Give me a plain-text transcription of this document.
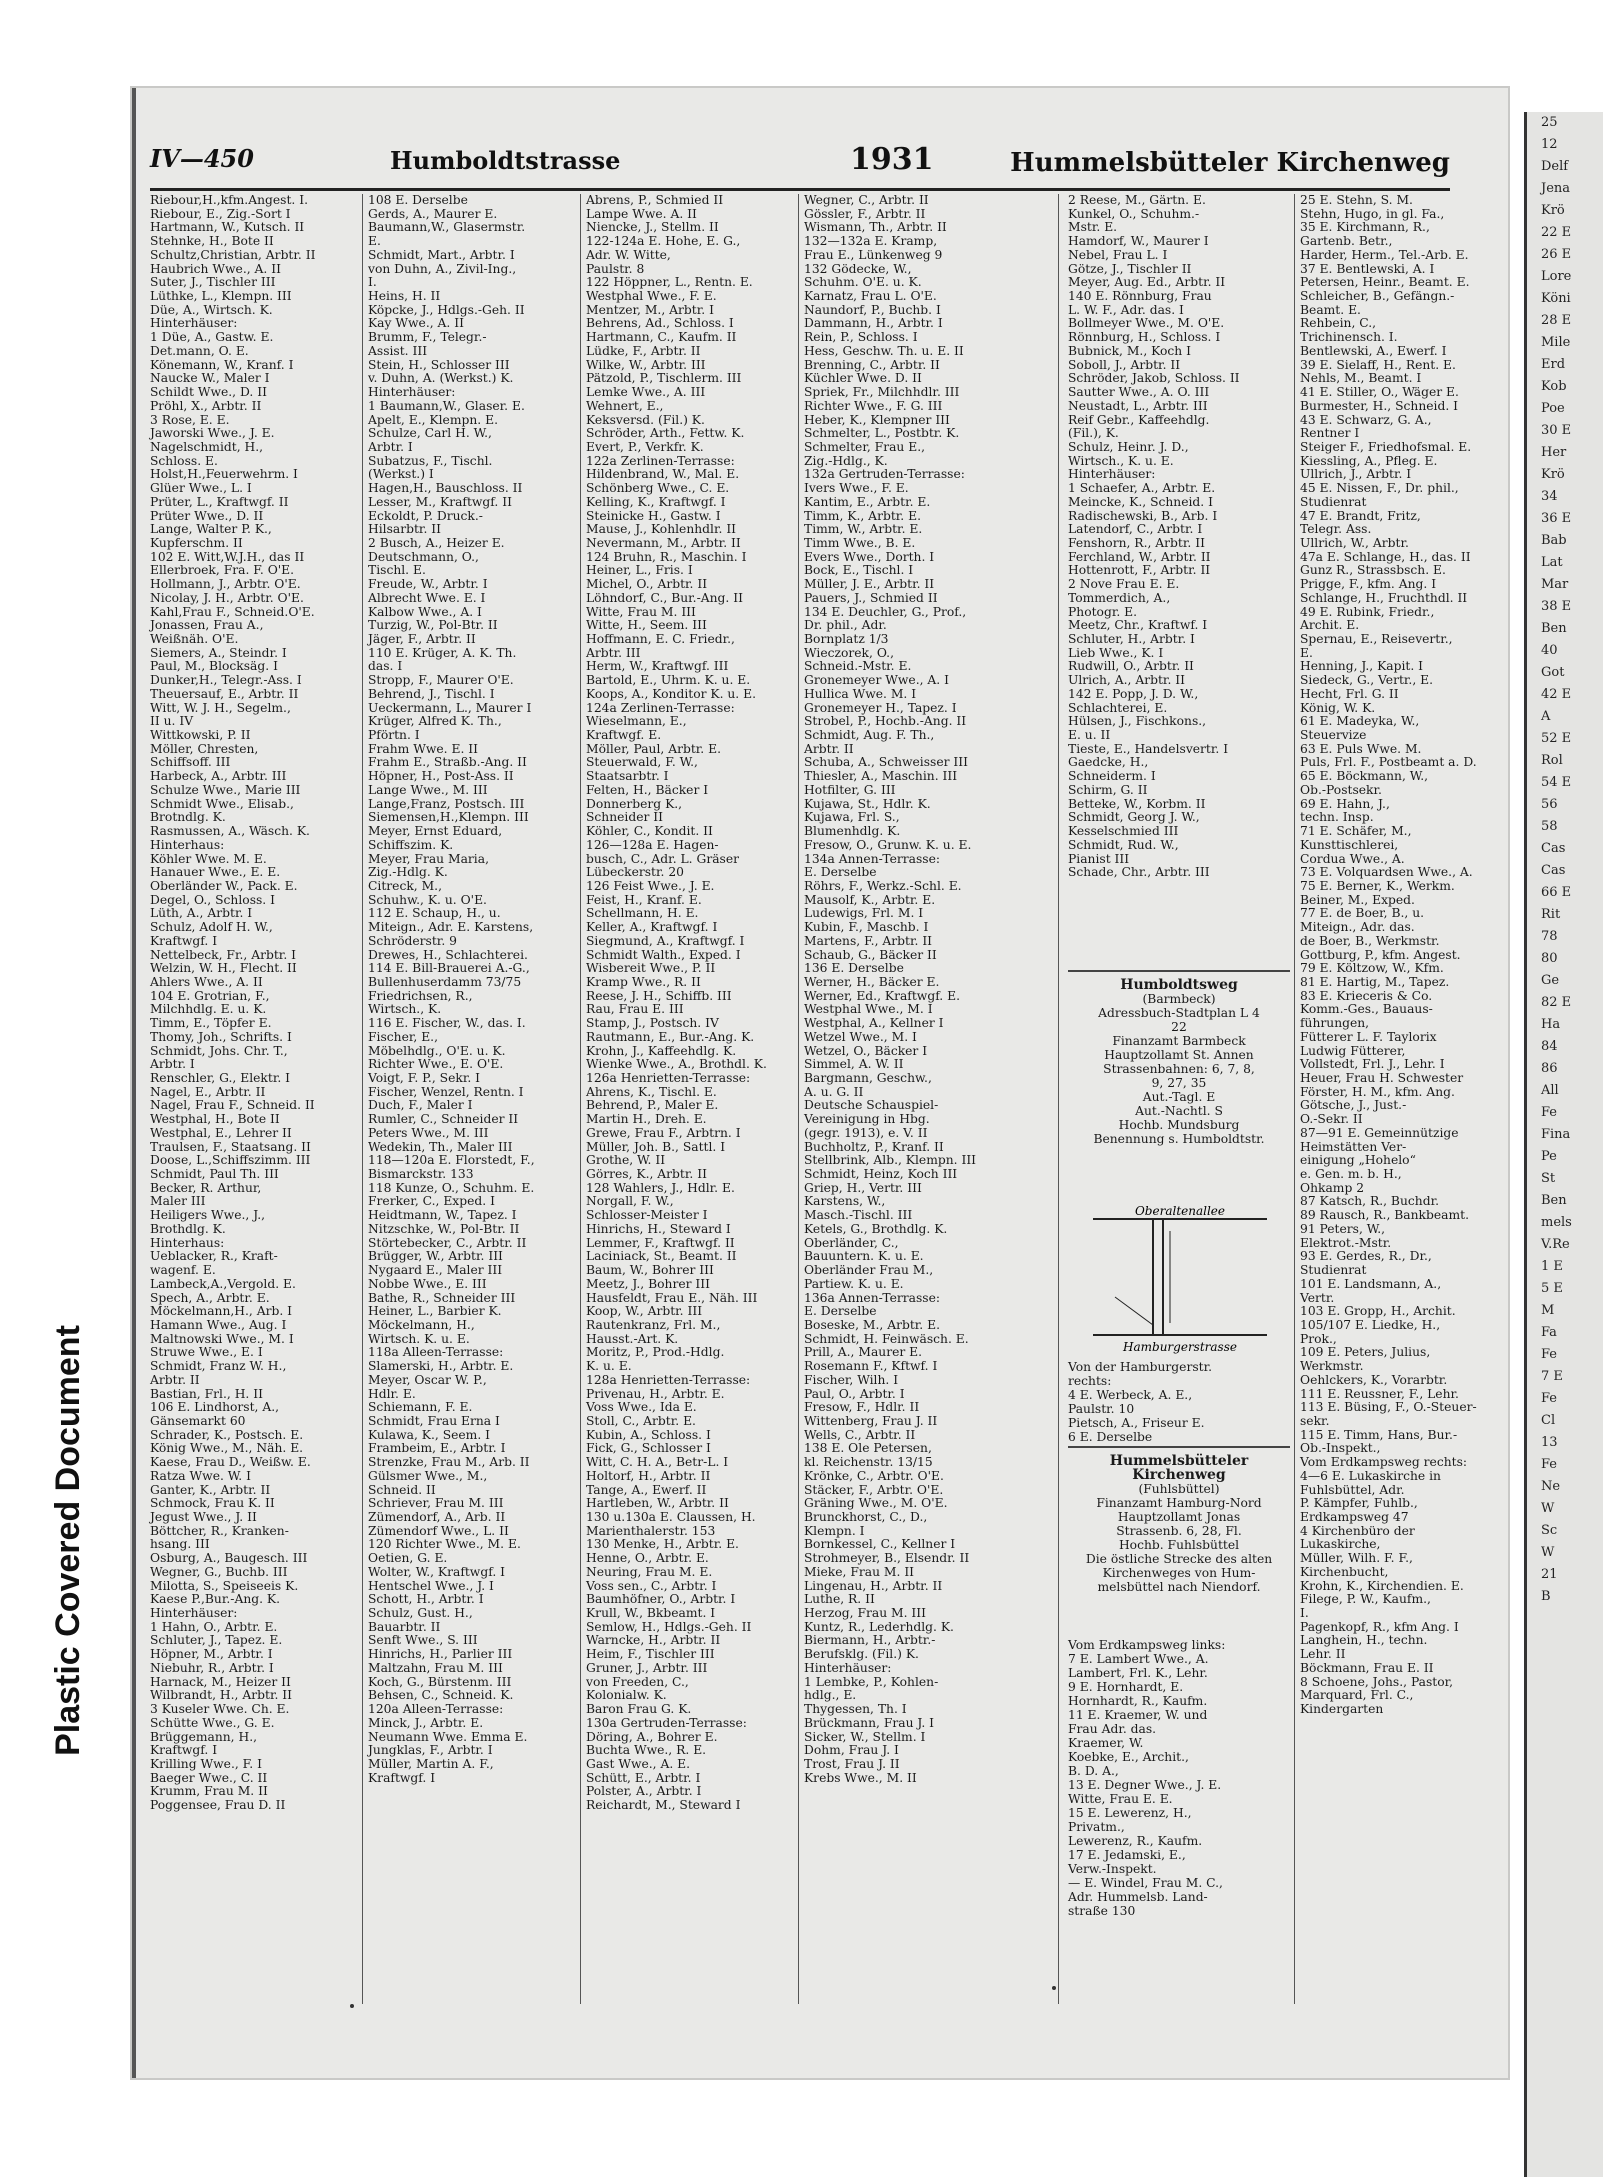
Plastic Covered Document
25
12
Delf
Jena
Krö
22 E
26 E
Lore
Köni
28 E
Mile
Erd
Kob
Poe
30 E
Her
Krö
34
36 E
Bab
Lat
Mar
38 E
Ben
40
Got
42 E
A
52 E
Rol
54 E
56
58
Cas
Cas
66 E
Rit
78
80
Ge
82 E
Ha
84
86
All
Fe
Fina
Pe
St
Ben
mels
V.Re
1 E
5 E
M
Fa
Fe
7 E
Fe
Cl
13
Fe
Ne
W
Sc
W
21
B
IV—450	Humboldtstrasse	1931	Hummelsbütteler Kirchenweg
Riebour,H.,kfm.Angest. I.
Riebour, E., Zig.-Sort I
Hartmann, W., Kutsch. II
Stehnke, H., Bote II
Schultz,Christian, Arbtr. II
Haubrich Wwe., A. II
Suter, J., Tischler III
Lüthke, L., Klempn. III
Düe, A., Wirtsch. K.
Hinterhäuser:
1 Düe, A., Gastw. E.
Det.mann, O. E.
Könemann, W., Kranf. I
Naucke W., Maler I
Schildt Wwe., D. II
Pröhl, X., Arbtr. II
3 Rose, E. E.
Jaworski Wwe., J. E.
Nagelschmidt, H.,
Schloss. E.
Holst,H.,Feuerwehrm. I
Glüer Wwe., L. I
Prüter, L., Kraftwgf. II
Prüter Wwe., D. II
Lange, Walter P. K.,
Kupferschm. II
102 E. Witt,W.J.H., das II
Ellerbroek, Fra. F. O'E.
Hollmann, J., Arbtr. O'E.
Nicolay, J. H., Arbtr. O'E.
Kahl,Frau F., Schneid.O'E.
Jonassen, Frau A.,
Weißnäh. O'E.
Siemers, A., Steindr. I
Paul, M., Blocksäg. I
Dunker,H., Telegr.-Ass. I
Theuersauf, E., Arbtr. II
Witt, W. J. H., Segelm.,
II u. IV
Wittkowski, P. II
Möller, Chresten,
Schiffsoff. III
Harbeck, A., Arbtr. III
Schulze Wwe., Marie III
Schmidt Wwe., Elisab.,
Brotndlg. K.
Rasmussen, A., Wäsch. K.
Hinterhaus:
Köhler Wwe. M. E.
Hanauer Wwe., E. E.
Oberländer W., Pack. E.
Degel, O., Schloss. I
Lüth, A., Arbtr. I
Schulz, Adolf H. W.,
Kraftwgf. I
Nettelbeck, Fr., Arbtr. I
Welzin, W. H., Flecht. II
Ahlers Wwe., A. II
104 E. Grotrian, F.,
Milchhdlg. E. u. K.
Timm, E., Töpfer E.
Thomy, Joh., Schrifts. I
Schmidt, Johs. Chr. T.,
Arbtr. I
Renschler, G., Elektr. I
Nagel, E., Arbtr. II
Nagel, Frau F., Schneid. II
Westphal, H., Bote II
Westphal, E., Lehrer II
Traulsen, F., Staatsang. II
Doose, L.,Schiffszimm. III
Schmidt, Paul Th. III
Becker, R. Arthur,
Maler III
Heiligers Wwe., J.,
Brothdlg. K.
Hinterhaus:
Ueblacker, R., Kraft-
wagenf. E.
Lambeck,A.,Vergold. E.
Spech, A., Arbtr. E.
Möckelmann,H., Arb. I
Hamann Wwe., Aug. I
Maltnowski Wwe., M. I
Struwe Wwe., E. I
Schmidt, Franz W. H.,
Arbtr. II
Bastian, Frl., H. II
106 E. Lindhorst, A.,
Gänsemarkt 60
Schrader, K., Postsch. E.
König Wwe., M., Näh. E.
Kaese, Frau D., Weißw. E.
Ratza Wwe. W. I
Ganter, K., Arbtr. II
Schmock, Frau K. II
Jegust Wwe., J. II
Böttcher, R., Kranken-
hsang. III
Osburg, A., Baugesch. III
Wegner, G., Buchb. III
Milotta, S., Speiseeis K.
Kaese P.,Bur.-Ang. K.
Hinterhäuser:
1 Hahn, O., Arbtr. E.
Schluter, J., Tapez. E.
Höpner, M., Arbtr. I
Niebuhr, R., Arbtr. I
Harnack, M., Heizer II
Wilbrandt, H., Arbtr. II
3 Kuseler Wwe. Ch. E.
Schütte Wwe., G. E.
Brüggemann, H.,
Kraftwgf. I
Krilling Wwe., F. I
Baeger Wwe., C. II
Krumm, Frau M. II
Poggensee, Frau D. II
108 E. Derselbe
Gerds, A., Maurer E.
Baumann,W., Glasermstr.
E.
Schmidt, Mart., Arbtr. I
von Duhn, A., Zivil-Ing.,
I.
Heins, H. II
Köpcke, J., Hdlgs.-Geh. II
Kay Wwe., A. II
Brumm, F., Telegr.-
Assist. III
Stein, H., Schlosser III
v. Duhn, A. (Werkst.) K.
Hinterhäuser:
1 Baumann,W., Glaser. E.
Apelt, E., Klempn. E.
Schulze, Carl H. W.,
Arbtr. I
Subatzus, F., Tischl.
(Werkst.) I
Hagen,H., Bauschloss. II
Lesser, M., Kraftwgf. II
Eckoldt, P. Druck.-
Hilsarbtr. II
2 Busch, A., Heizer E.
Deutschmann, O.,
Tischl. E.
Freude, W., Arbtr. I
Albrecht Wwe. E. I
Kalbow Wwe., A. I
Turzig, W., Pol-Btr. II
Jäger, F., Arbtr. II
110 E. Krüger, A. K. Th.
das. I
Stropp, F., Maurer O'E.
Behrend, J., Tischl. I
Ueckermann, L., Maurer I
Krüger, Alfred K. Th.,
Pförtn. I
Frahm Wwe. E. II
Frahm E., Straßb.-Ang. II
Höpner, H., Post-Ass. II
Lange Wwe., M. III
Lange,Franz, Postsch. III
Siemensen,H.,Klempn. III
Meyer, Ernst Eduard,
Schiffszim. K.
Meyer, Frau Maria,
Zig.-Hdlg. K.
Citreck, M.,
Schuhw., K. u. O'E.
112 E. Schaup, H., u.
Miteign., Adr. E. Karstens,
Schröderstr. 9
Drewes, H., Schlachterei.
114 E. Bill-Brauerei A.-G.,
Bullenhuserdamm 73/75
Friedrichsen, R.,
Wirtsch., K.
116 E. Fischer, W., das. I.
Fischer, E.,
Möbelhdlg., O'E. u. K.
Richter Wwe., E. O'E.
Voigt, F. P., Sekr. I
Fischer, Wenzel, Rentn. I
Duch, F., Maler I
Rumler, C., Schneider II
Peters Wwe., M. III
Wedekin, Th., Maler III
118—120a E. Florstedt, F.,
Bismarckstr. 133
118 Kunze, O., Schuhm. E.
Frerker, C., Exped. I
Heidtmann, W., Tapez. I
Nitzschke, W., Pol-Btr. II
Störtebecker, C., Arbtr. II
Brügger, W., Arbtr. III
Nygaard E., Maler III
Nobbe Wwe., E. III
Bathe, R., Schneider III
Heiner, L., Barbier K.
Möckelmann, H.,
Wirtsch. K. u. E.
118a Alleen-Terrasse:
Slamerski, H., Arbtr. E.
Meyer, Oscar W. P.,
Hdlr. E.
Schiemann, F. E.
Schmidt, Frau Erna I
Kulawa, K., Seem. I
Frambeim, E., Arbtr. I
Strenzke, Frau M., Arb. II
Gülsmer Wwe., M.,
Schneid. II
Schriever, Frau M. III
Zümendorf, A., Arb. II
Zümendorf Wwe., L. II
120 Richter Wwe., M. E.
Oetien, G. E.
Wolter, W., Kraftwgf. I
Hentschel Wwe., J. I
Schott, H., Arbtr. I
Schulz, Gust. H.,
Bauarbtr. II
Senft Wwe., S. III
Hinrichs, H., Parlier III
Maltzahn, Frau M. III
Koch, G., Bürstenm. III
Behsen, C., Schneid. K.
120a Alleen-Terrasse:
Minck, J., Arbtr. E.
Neumann Wwe. Emma E.
Jungklas, F., Arbtr. I
Müller, Martin A. F.,
Kraftwgf. I
Abrens, P., Schmied II
Lampe Wwe. A. II
Niencke, J., Stellm. II
122-124a E. Hohe, E. G.,
Adr. W. Witte,
Paulstr. 8
122 Höppner, L., Rentn. E.
Westphal Wwe., F. E.
Mentzer, M., Arbtr. I
Behrens, Ad., Schloss. I
Hartmann, C., Kaufm. II
Lüdke, F., Arbtr. II
Wilke, W., Arbtr. III
Pätzold, P., Tischlerm. III
Lemke Wwe., A. III
Wehnert, E.,
Keksversd. (Fil.) K.
Schröder, Arth., Fettw. K.
Evert, P., Verkfr. K.
122a Zerlinen-Terrasse:
Hildenbrand, W., Mal. E.
Schönberg Wwe., C. E.
Kelling, K., Kraftwgf. I
Steinicke H., Gastw. I
Mause, J., Kohlenhdlr. II
Nevermann, M., Arbtr. II
124 Bruhn, R., Maschin. I
Heiner, L., Fris. I
Michel, O., Arbtr. II
Löhndorf, C., Bur.-Ang. II
Witte, Frau M. III
Witte, H., Seem. III
Hoffmann, E. C. Friedr.,
Arbtr. III
Herm, W., Kraftwgf. III
Bartold, E., Uhrm. K. u. E.
Koops, A., Konditor K. u. E.
124a Zerlinen-Terrasse:
Wieselmann, E.,
Kraftwgf. E.
Möller, Paul, Arbtr. E.
Steuerwald, F. W.,
Staatsarbtr. I
Felten, H., Bäcker I
Donnerberg K.,
Schneider II
Köhler, C., Kondit. II
126—128a E. Hagen-
busch, C., Adr. L. Gräser
Lübeckerstr. 20
126 Feist Wwe., J. E.
Feist, H., Kranf. E.
Schellmann, H. E.
Keller, A., Kraftwgf. I
Siegmund, A., Kraftwgf. I
Schmidt Walth., Exped. I
Wisbereit Wwe., P. II
Kramp Wwe., R. II
Reese, J. H., Schiffb. III
Rau, Frau E. III
Stamp, J., Postsch. IV
Rautmann, E., Bur.-Ang. K.
Krohn, J., Kaffeehdlg. K.
Wienke Wwe., A., Brothdl. K.
126a Henrietten-Terrasse:
Ahrens, K., Tischl. E.
Behrend, P., Maler E.
Martin H., Dreh. E.
Grewe, Frau F., Arbtrn. I
Müller, Joh. B., Sattl. I
Grothe, W. II
Görres, K., Arbtr. II
128 Wahlers, J., Hdlr. E.
Norgall, F. W.,
Schlosser-Meister I
Hinrichs, H., Steward I
Lemmer, F., Kraftwgf. II
Laciniack, St., Beamt. II
Baum, W., Bohrer III
Meetz, J., Bohrer III
Hausfeldt, Frau E., Näh. III
Koop, W., Arbtr. III
Rautenkranz, Frl. M.,
Hausst.-Art. K.
Moritz, P., Prod.-Hdlg.
K. u. E.
128a Henrietten-Terrasse:
Privenau, H., Arbtr. E.
Voss Wwe., Ida E.
Stoll, C., Arbtr. E.
Kubin, A., Schloss. I
Fick, G., Schlosser I
Witt, C. H. A., Betr-L. I
Holtorf, H., Arbtr. II
Tange, A., Ewerf. II
Hartleben, W., Arbtr. II
130 u.130a E. Claussen, H.
Marienthalerstr. 153
130 Menke, H., Arbtr. E.
Henne, O., Arbtr. E.
Neuring, Frau M. E.
Voss sen., C., Arbtr. I
Baumhöfner, O., Arbtr. I
Krull, W., Bkbeamt. I
Semlow, H., Hdlgs.-Geh. II
Warncke, H., Arbtr. II
Heim, F., Tischler III
Gruner, J., Arbtr. III
von Freeden, C.,
Kolonialw. K.
Baron Frau G. K.
130a Gertruden-Terrasse:
Döring, A., Bohrer E.
Buchta Wwe., R. E.
Gast Wwe., A. E.
Schütt, E., Arbtr. I
Polster, A., Arbtr. I
Reichardt, M., Steward I
Wegner, C., Arbtr. II
Gössler, F., Arbtr. II
Wismann, Th., Arbtr. II
132—132a E. Kramp,
Frau E., Lünkenweg 9
132 Gödecke, W.,
Schuhm. O'E. u. K.
Karnatz, Frau L. O'E.
Naundorf, P., Buchb. I
Dammann, H., Arbtr. I
Rein, P., Schloss. I
Hess, Geschw. Th. u. E. II
Brenning, C., Arbtr. II
Küchler Wwe. D. II
Spriek, Fr., Milchhdlr. III
Richter Wwe., F. G. III
Heber, K., Klempner III
Schmelter, L., Postbtr. K.
Schmelter, Frau E.,
Zig.-Hdlg., K.
132a Gertruden-Terrasse:
Ivers Wwe., F. E.
Kantim, E., Arbtr. E.
Timm, K., Arbtr. E.
Timm, W., Arbtr. E.
Timm Wwe., B. E.
Evers Wwe., Dorth. I
Bock, E., Tischl. I
Müller, J. E., Arbtr. II
Pauers, J., Schmied II
134 E. Deuchler, G., Prof.,
Dr. phil., Adr.
Bornplatz 1/3
Wieczorek, O.,
Schneid.-Mstr. E.
Gronemeyer Wwe., A. I
Hullica Wwe. M. I
Gronemeyer H., Tapez. I
Strobel, P., Hochb.-Ang. II
Schmidt, Aug. F. Th.,
Arbtr. II
Schuba, A., Schweisser III
Thiesler, A., Maschin. III
Hotfilter, G. III
Kujawa, St., Hdlr. K.
Kujawa, Frl. S.,
Blumenhdlg. K.
Fresow, O., Grunw. K. u. E.
134a Annen-Terrasse:
E. Derselbe
Röhrs, F., Werkz.-Schl. E.
Mausolf, K., Arbtr. E.
Ludewigs, Frl. M. I
Kubin, F., Maschb. I
Martens, F., Arbtr. II
Schaub, G., Bäcker II
136 E. Derselbe
Werner, H., Bäcker E.
Werner, Ed., Kraftwgf. E.
Westphal Wwe., M. I
Westphal, A., Kellner I
Wetzel Wwe., M. I
Wetzel, O., Bäcker I
Simmel, A. W. II
Bargmann, Geschw.,
A. u. G. II
Deutsche Schauspiel-
Vereinigung in Hbg.
(gegr. 1913), e. V. II
Buchholtz, P., Kranf. II
Stellbrink, Alb., Klempn. III
Schmidt, Heinz, Koch III
Griep, H., Vertr. III
Karstens, W.,
Masch.-Tischl. III
Ketels, G., Brothdlg. K.
Oberländer, C.,
Bauuntern. K. u. E.
Oberländer Frau M.,
Partiew. K. u. E.
136a Annen-Terrasse:
E. Derselbe
Boseske, M., Arbtr. E.
Schmidt, H. Feinwäsch. E.
Prill, A., Maurer E.
Rosemann F., Kftwf. I
Fischer, Wilh. I
Paul, O., Arbtr. I
Fresow, F., Hdlr. II
Wittenberg, Frau J. II
Wells, C., Arbtr. II
138 E. Ole Petersen,
kl. Reichenstr. 13/15
Krönke, C., Arbtr. O'E.
Stäcker, F., Arbtr. O'E.
Gräning Wwe., M. O'E.
Brunckhorst, C., D.,
Klempn. I
Bornkessel, C., Kellner I
Strohmeyer, B., Elsendr. II
Mieke, Frau M. II
Lingenau, H., Arbtr. II
Luthe, R. II
Herzog, Frau M. III
Kuntz, R., Lederhdlg. K.
Biermann, H., Arbtr.-
Berufsklg. (Fil.) K.
Hinterhäuser:
1 Lembke, P., Kohlen-
hdlg., E.
Thygessen, Th. I
Brückmann, Frau J. I
Sicker, W., Stellm. I
Dohm, Frau J. I
Trost, Frau J. II
Krebs Wwe., M. II
2 Reese, M., Gärtn. E.
Kunkel, O., Schuhm.-
Mstr. E.
Hamdorf, W., Maurer I
Nebel, Frau L. I
Götze, J., Tischler II
Meyer, Aug. Ed., Arbtr. II
140 E. Rönnburg, Frau
L. W. F., Adr. das. I
Bollmeyer Wwe., M. O'E.
Rönnburg, H., Schloss. I
Bubnick, M., Koch I
Soboll, J., Arbtr. II
Schröder, Jakob, Schloss. II
Sautter Wwe., A. O. III
Neustadt, L., Arbtr. III
Reif Gebr., Kaffeehdlg.
(Fil.), K.
Schulz, Heinr. J. D.,
Wirtsch., K. u. E.
Hinterhäuser:
1 Schaefer, A., Arbtr. E.
Meincke, K., Schneid. I
Radischewski, B., Arb. I
Latendorf, C., Arbtr. I
Fenshorn, R., Arbtr. II
Ferchland, W., Arbtr. II
Hottenrott, F., Arbtr. II
2 Nove Frau E. E.
Tommerdich, A.,
Photogr. E.
Meetz, Chr., Kraftwf. I
Schluter, H., Arbtr. I
Lieb Wwe., K. I
Rudwill, O., Arbtr. II
Ulrich, A., Arbtr. II
142 E. Popp, J. D. W.,
Schlachterei, E.
Hülsen, J., Fischkons.,
E. u. II
Tieste, E., Handelsvertr. I
Gaedcke, H.,
Schneiderm. I
Schirm, G. II
Betteke, W., Korbm. II
Schmidt, Georg J. W.,
Kesselschmied III
Schmidt, Rud. W.,
Pianist III
Schade, Chr., Arbtr. III
25 E. Stehn, S. M.
Stehn, Hugo, in gl. Fa.,
35 E. Kirchmann, R.,
Gartenb. Betr.,
Harder, Herm., Tel.-Arb. E.
37 E. Bentlewski, A. I
Petersen, Heinr., Beamt. E.
Schleicher, B., Gefängn.-
Beamt. E.
Rehbein, C.,
Trichinensch. I.
Bentlewski, A., Ewerf. I
39 E. Sielaff, H., Rent. E.
Nehls, M., Beamt. I
41 E. Stiller, O., Wäger E.
Burmester, H., Schneid. I
43 E. Schwarz, G. A.,
Rentner I
Steiger F., Friedhofsmal. E.
Kiessling, A., Pfleg. E.
Ullrich, J., Arbtr. I
45 E. Nissen, F., Dr. phil.,
Studienrat
47 E. Brandt, Fritz,
Telegr. Ass.
Ullrich, W., Arbtr.
47a E. Schlange, H., das. II
Gunz R., Strassbsch. E.
Prigge, F., kfm. Ang. I
Schlange, H., Fruchthdl. II
49 E. Rubink, Friedr.,
Archit. E.
Spernau, E., Reisevertr.,
E.
Henning, J., Kapit. I
Siedeck, G., Vertr., E.
Hecht, Frl. G. II
König, W. K.
61 E. Madeyka, W.,
Steuervize
63 E. Puls Wwe. M.
Puls, Frl. F., Postbeamt a. D.
65 E. Böckmann, W.,
Ob.-Postsekr.
69 E. Hahn, J.,
techn. Insp.
71 E. Schäfer, M.,
Kunsttischlerei,
Cordua Wwe., A.
73 E. Volquardsen Wwe., A.
75 E. Berner, K., Werkm.
Beiner, M., Exped.
77 E. de Boer, B., u.
Miteign., Adr. das.
de Boer, B., Werkmstr.
Gottburg, P., kfm. Angest.
79 E. Költzow, W., Kfm.
81 E. Hartig, M., Tapez.
83 E. Krieceris & Co.
Komm.-Ges., Bauaus-
führungen,
Fütterer L. F. Taylorix
Ludwig Fütterer,
Vollstedt, Frl. J., Lehr. I
Heuer, Frau H. Schwester
Förster, H. M., kfm. Ang.
Götsche, J., Just.-
O.-Sekr. II
87—91 E. Gemeinnützige
Heimstätten Ver-
einigung „Hohelo“
e. Gen. m. b. H.,
Ohkamp 2
87 Katsch, R., Buchdr.
89 Rausch, R., Bankbeamt.
91 Peters, W.,
Elektrot.-Mstr.
93 E. Gerdes, R., Dr.,
Studienrat
101 E. Landsmann, A.,
Vertr.
103 E. Gropp, H., Archit.
105/107 E. Liedke, H.,
Prok.,
109 E. Peters, Julius,
Werkmstr.
Oehlckers, K., Vorarbtr.
111 E. Reussner, F., Lehr.
113 E. Büsing, F., O.-Steuer-
sekr.
115 E. Timm, Hans, Bur.-
Ob.-Inspekt.,
Vom Erdkampsweg rechts:
4—6 E. Lukaskirche in
Fuhlsbüttel, Adr.
P. Kämpfer, Fuhlb.,
Erdkampsweg 47
4 Kirchenbüro der
Lukaskirche,
Müller, Wilh. F. F.,
Kirchenbucht,
Krohn, K., Kirchendien. E.
Filege, P. W., Kaufm.,
I.
Pagenkopf, R., kfm Ang. I
Langhein, H., techn.
Lehr. II
Böckmann, Frau E. II
8 Schoene, Johs., Pastor,
Marquard, Frl. C.,
Kindergarten
Humboldtsweg
(Barmbeck)
Adressbuch-Stadtplan L 4
22
Finanzamt Barmbeck
Hauptzollamt St. Annen
Strassenbahnen: 6, 7, 8,
9, 27, 35
Aut.-Tagl. E
Aut.-Nachtl. S
Hochb. Mundsburg
Benennung s. Humboldtstr.
Oberaltenallee
Hamburgerstrasse
Von der Hamburgerstr.
rechts:
4 E. Werbeck, A. E.,
Paulstr. 10
Pietsch, A., Friseur E.
6 E. Derselbe
Hummelsbütteler Kirchenweg
(Fuhlsbüttel)
Finanzamt Hamburg-Nord
Hauptzollamt Jonas
Strassenb. 6, 28, Fl.
Hochb. Fuhlsbüttel
Die östliche Strecke des alten
Kirchenweges von Hum-
melsbüttel nach Niendorf.
Vom Erdkampsweg links:
7 E. Lambert Wwe., A.
Lambert, Frl. K., Lehr.
9 E. Hornhardt, E.
Hornhardt, R., Kaufm.
11 E. Kraemer, W. und
Frau Adr. das.
Kraemer, W.
Koebke, E., Archit.,
B. D. A.,
13 E. Degner Wwe., J. E.
Witte, Frau E. E.
15 E. Lewerenz, H.,
Privatm.,
Lewerenz, R., Kaufm.
17 E. Jedamski, E.,
Verw.-Inspekt.
— E. Windel, Frau M. C.,
Adr. Hummelsb. Land-
straße 130
